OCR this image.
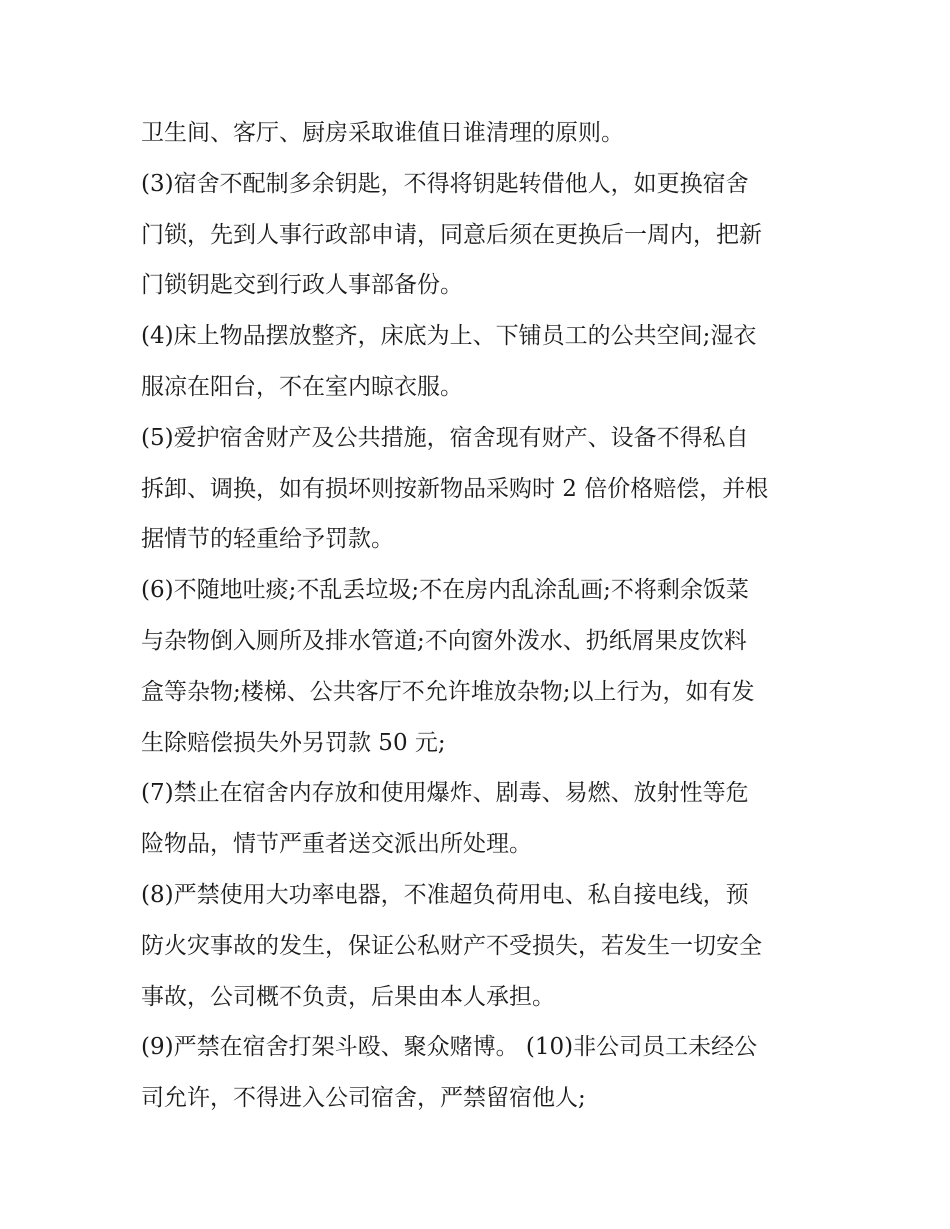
卫生间、客厅、厨房采取谁值日谁清理的原则。
(3)宿舍不配制多余钥匙，不得将钥匙转借他人，如更换宿舍
门锁，先到人事行政部申请，同意后须在更换后一周内，把新
门锁钥匙交到行政人事部备份。
(4)床上物品摆放整齐，床底为上、下铺员工的公共空间;湿衣
服凉在阳台，不在室内晾衣服。
(5)爱护宿舍财产及公共措施，宿舍现有财产、设备不得私自
拆卸、调换，如有损坏则按新物品采购时 2 倍价格赔偿，并根
据情节的轻重给予罚款。
(6)不随地吐痰;不乱丢垃圾;不在房内乱涂乱画;不将剩余饭菜
与杂物倒入厕所及排水管道;不向窗外泼水、扔纸屑果皮饮料
盒等杂物;楼梯、公共客厅不允许堆放杂物;以上行为，如有发
生除赔偿损失外另罚款 50 元;
(7)禁止在宿舍内存放和使用爆炸、剧毒、易燃、放射性等危
险物品，情节严重者送交派出所处理。
(8)严禁使用大功率电器，不准超负荷用电、私自接电线，预
防火灾事故的发生，保证公私财产不受损失，若发生一切安全
事故，公司概不负责，后果由本人承担。
(9)严禁在宿舍打架斗殴、聚众赌博。 (10)非公司员工未经公
司允许，不得进入公司宿舍，严禁留宿他人;
